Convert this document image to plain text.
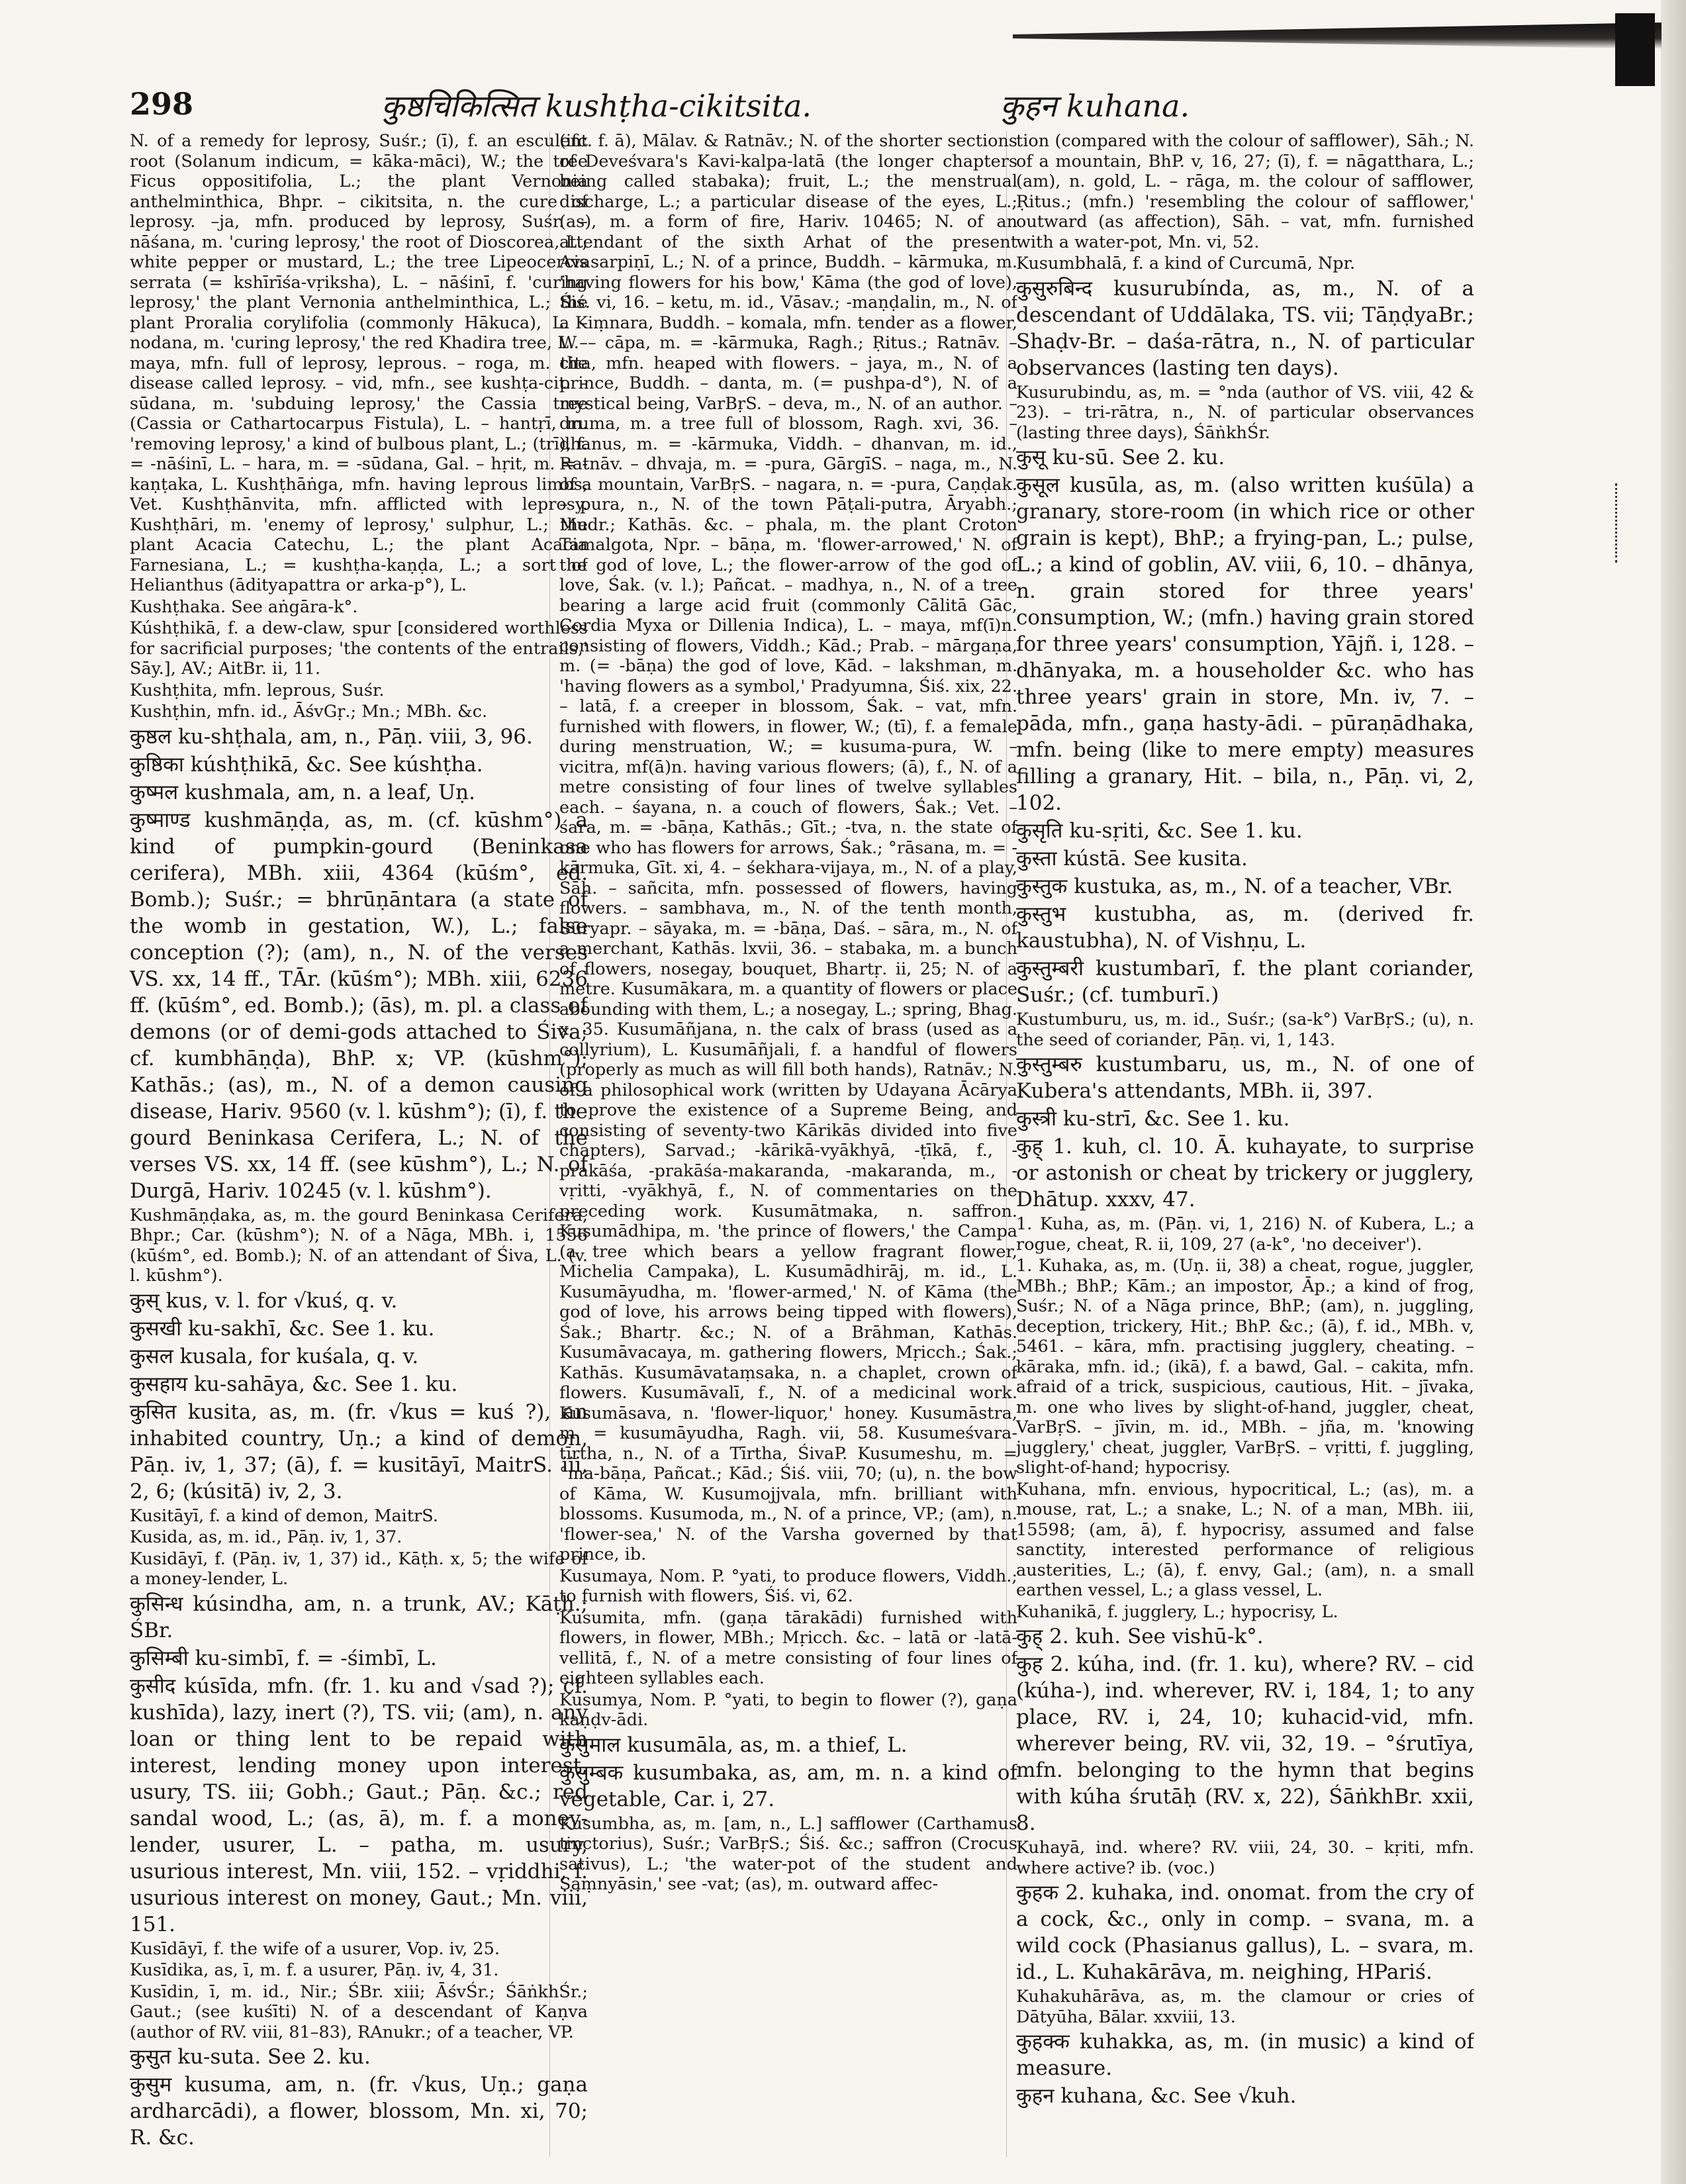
298	कुष्ठचिकित्सित kushṭha-cikitsita.	कुहन kuhana.

N. of a remedy for leprosy, Suśr.; (ī), f. an esculent root (Solanum indicum, = kāka-māci), W.; the tree Ficus oppositifolia, L.; the plant Vernonia anthelminthica, Bhpr. – cikitsita, n. the cure of leprosy. –ja, mfn. produced by leprosy, Suśr. – nāśana, m. 'curing leprosy,' the root of Dioscorea, L.; white pepper or mustard, L.; the tree Lipeocercis serrata (= kshīrīśa-vṛiksha), L. – nāśinī, f. 'curing leprosy,' the plant Vernonia anthelminthica, L.; the plant Proralia corylifolia (commonly Hākuca), L. – nodana, m. 'curing leprosy,' the red Khadira tree, L. – maya, mfn. full of leprosy, leprous. – roga, m. the disease called leprosy. – vid, mfn., see kushṭa-cit. – sūdana, m. 'subduing leprosy,' the Cassia tree (Cassia or Cathartocarpus Fistula), L. – hantṛī, m. 'removing leprosy,' a kind of bulbous plant, L.; (trī), f. = -nāśinī, L. – hara, m. = -sūdana, Gal. – hṛit, m. = -kaṇṭaka, L. Kushṭhāṅga, mfn. having leprous limbs, Vet. Kushṭhānvita, mfn. afflicted with leprosy. Kushṭhāri, m. 'enemy of leprosy,' sulphur, L.; the plant Acacia Catechu, L.; the plant Acacia Farnesiana, L.; = kushṭha-kaṇḍa, L.; a sort of Helianthus (ādityapattra or arka-p°), L.

Kushṭhaka. See aṅgāra-k°.

Kúshṭhikā, f. a dew-claw, spur [considered worthless for sacrificial purposes; 'the contents of the entrails,' Sāy.], AV.; AitBr. ii, 11.

Kushṭhita, mfn. leprous, Suśr.

Kushṭhin, mfn. id., ĀśvGṛ.; Mn.; MBh. &c.

कुष्ठल ku-shṭhala, am, n., Pāṇ. viii, 3, 96.

कुष्ठिका kúshṭhikā, &c. See kúshṭha.

कुष्मल kushmala, am, n. a leaf, Uṇ.

कुष्माण्ड kushmāṇḍa, as, m. (cf. kūshm°) a kind of pumpkin-gourd (Beninkasa cerifera), MBh. xiii, 4364 (kūśm°, ed. Bomb.); Suśr.; = bhrūṇāntara (a state of the womb in gestation, W.), L.; false conception (?); (am), n., N. of the verses VS. xx, 14 ff., TĀr. (kūśm°); MBh. xiii, 6236 ff. (kūśm°, ed. Bomb.); (ās), m. pl. a class of demons (or of demi-gods attached to Śiva; cf. kumbhāṇḍa), BhP. x; VP. (kūshm°); Kathās.; (as), m., N. of a demon causing disease, Hariv. 9560 (v. l. kūshm°); (ī), f. the gourd Beninkasa Cerifera, L.; N. of the verses VS. xx, 14 ff. (see kūshm°), L.; N. of Durgā, Hariv. 10245 (v. l. kūshm°).

Kushmāṇḍaka, as, m. the gourd Beninkasa Cerifera, Bhpr.; Car. (kūshm°); N. of a Nāga, MBh. i, 1556 (kūśm°, ed. Bomb.); N. of an attendant of Śiva, L. (v. l. kūshm°).

कुस् kus, v. l. for √kuś, q. v.

कुसखी ku-sakhī, &c. See 1. ku.

कुसल kusala, for kuśala, q. v.

कुसहाय ku-sahāya, &c. See 1. ku.

कुसित kusita, as, m. (fr. √kus = kuś ?), an inhabited country, Uṇ.; a kind of demon, Pāṇ. iv, 1, 37; (ā), f. = kusitāyī, MaitrS. iii, 2, 6; (kúsitā) iv, 2, 3.

Kusitāyī, f. a kind of demon, MaitrS.

Kusida, as, m. id., Pāṇ. iv, 1, 37.

Kusidāyī, f. (Pāṇ. iv, 1, 37) id., Kāṭh. x, 5; the wife of a money-lender, L.

कुसिन्ध kúsindha, am, n. a trunk, AV.; Kāṭh.; ŚBr.

कुसिम्बी ku-simbī, f. = -śimbī, L.

कुसीद kúsīda, mfn. (fr. 1. ku and √sad ?); cf. kushīda), lazy, inert (?), TS. vii; (am), n. any loan or thing lent to be repaid with interest, lending money upon interest, usury, TS. iii; Gobh.; Gaut.; Pāṇ. &c.; red sandal wood, L.; (as, ā), m. f. a money-lender, usurer, L. – patha, m. usury, usurious interest, Mn. viii, 152. – vṛiddhi, f. usurious interest on money, Gaut.; Mn. viii, 151.

Kusīdāyī, f. the wife of a usurer, Vop. iv, 25.

Kusīdika, as, ī, m. f. a usurer, Pāṇ. iv, 4, 31.

Kusīdin, ī, m. id., Nir.; ŚBr. xiii; ĀśvŚr.; ŚāṅkhŚr.; Gaut.; (see kuśīti) N. of a descendant of Kaṇva (author of RV. viii, 81–83), RAnukr.; of a teacher, VP.

कुसुत ku-suta. See 2. ku.

कुसुम kusuma, am, n. (fr. √kus, Uṇ.; gaṇa ardharcādi), a flower, blossom, Mn. xi, 70; R. &c.

(ifc. f. ā), Mālav. & Ratnāv.; N. of the shorter sections of Deveśvara's Kavi-kalpa-latā (the longer chapters being called stabaka); fruit, L.; the menstrual discharge, L.; a particular disease of the eyes, L.; (as), m. a form of fire, Hariv. 10465; N. of an attendant of the sixth Arhat of the present Avasarpiṇī, L.; N. of a prince, Buddh. – kārmuka, m. 'having flowers for his bow,' Kāma (the god of love), Śiś. vi, 16. – ketu, m. id., Vāsav.; -maṇḍalin, m., N. of a Kiṃnara, Buddh. – komala, mfn. tender as a flower, W. – cāpa, m. = -kārmuka, Ragh.; Ṛitus.; Ratnāv. – cita, mfn. heaped with flowers. – jaya, m., N. of a prince, Buddh. – danta, m. (= pushpa-d°), N. of a mystical being, VarBṛS. – deva, m., N. of an author. – druma, m. a tree full of blossom, Ragh. xvi, 36. – dhanus, m. = -kārmuka, Viddh. – dhanvan, m. id., Ratnāv. – dhvaja, m. = -pura, GārgīS. – naga, m., N. of a mountain, VarBṛS. – nagara, n. = -pura, Caṇḍak. – pura, n., N. of the town Pāṭali-putra, Āryabh.; Mudr.; Kathās. &c. – phala, m. the plant Croton Tamalgota, Npr. – bāṇa, m. 'flower-arrowed,' N. of the god of love, L.; the flower-arrow of the god of love, Śak. (v. l.); Pañcat. – madhya, n., N. of a tree bearing a large acid fruit (commonly Cālitā Gāc, Cordia Myxa or Dillenia Indica), L. – maya, mf(ī)n. consisting of flowers, Viddh.; Kād.; Prab. – mārgaṇa, m. (= -bāṇa) the god of love, Kād. – lakshman, m. 'having flowers as a symbol,' Pradyumna, Śiś. xix, 22. – latā, f. a creeper in blossom, Śak. – vat, mfn. furnished with flowers, in flower, W.; (tī), f. a female during menstruation, W.; = kusuma-pura, W. – vicitra, mf(ā)n. having various flowers; (ā), f., N. of a metre consisting of four lines of twelve syllables each. – śayana, n. a couch of flowers, Śak.; Vet. – śara, m. = -bāṇa, Kathās.; Gīt.; -tva, n. the state of one who has flowers for arrows, Śak.; °rāsana, m. = -kārmuka, Gīt. xi, 4. – śekhara-vijaya, m., N. of a play, Sāh. – sañcita, mfn. possessed of flowers, having flowers. – sambhava, m., N. of the tenth month, Sūryapr. – sāyaka, m. = -bāṇa, Daś. – sāra, m., N. of a merchant, Kathās. lxvii, 36. – stabaka, m. a bunch of flowers, nosegay, bouquet, Bhartṛ. ii, 25; N. of a metre. Kusumākara, m. a quantity of flowers or place abounding with them, L.; a nosegay, L.; spring, Bhag. x, 35. Kusumāñjana, n. the calx of brass (used as a collyrium), L. Kusumāñjali, f. a handful of flowers (properly as much as will fill both hands), Ratnāv.; N. of a philosophical work (written by Udayana Ācārya to prove the existence of a Supreme Being, and consisting of seventy-two Kārikās divided into five chapters), Sarvad.; -kārikā-vyākhyā, -ṭīkā, f., -prakāśa, -prakāśa-makaranda, -makaranda, m., -vṛitti, -vyākhyā, f., N. of commentaries on the preceding work. Kusumātmaka, n. saffron. Kusumādhipa, m. 'the prince of flowers,' the Campa (a tree which bears a yellow fragrant flower, Michelia Campaka), L. Kusumādhirāj, m. id., L. Kusumāyudha, m. 'flower-armed,' N. of Kāma (the god of love, his arrows being tipped with flowers), Śak.; Bhartṛ. &c.; N. of a Brāhman, Kathās. Kusumāvacaya, m. gathering flowers, Mṛicch.; Śak.; Kathās. Kusumāvataṃsaka, n. a chaplet, crown of flowers. Kusumāvalī, f., N. of a medicinal work. Kusumāsava, n. 'flower-liquor,' honey. Kusumāstra, m. = kusumāyudha, Ragh. vii, 58. Kusumeśvara-tīrtha, n., N. of a Tīrtha, ŚivaP. Kusumeshu, m. = °ma-bāṇa, Pañcat.; Kād.; Śiś. viii, 70; (u), n. the bow of Kāma, W. Kusumojjvala, mfn. brilliant with blossoms. Kusumoda, m., N. of a prince, VP.; (am), n. 'flower-sea,' N. of the Varsha governed by that prince, ib.

Kusumaya, Nom. P. °yati, to produce flowers, Viddh.; to furnish with flowers, Śiś. vi, 62.

Kusumita, mfn. (gaṇa tārakādi) furnished with flowers, in flower, MBh.; Mṛicch. &c. – latā or -latā-vellitā, f., N. of a metre consisting of four lines of eighteen syllables each.

Kusumya, Nom. P. °yati, to begin to flower (?), gaṇa kaṇḍv-ādi.

कुसुमाल kusumāla, as, m. a thief, L.

कुसुम्बक kusumbaka, as, am, m. n. a kind of vegetable, Car. i, 27.

Kusumbha, as, m. [am, n., L.] safflower (Carthamus tinctorius), Suśr.; VarBṛS.; Śiś. &c.; saffron (Crocus sativus), L.; 'the water-pot of the student and Saṃnyāsin,' see -vat; (as), m. outward affec-

tion (compared with the colour of safflower), Sāh.; N. of a mountain, BhP. v, 16, 27; (ī), f. = nāgatthara, L.; (am), n. gold, L. – rāga, m. the colour of safflower, Ṛitus.; (mfn.) 'resembling the colour of safflower,' outward (as affection), Sāh. – vat, mfn. furnished with a water-pot, Mn. vi, 52.

Kusumbhalā, f. a kind of Curcumā, Npr.

कुसुरुबिन्द kusurubínda, as, m., N. of a descendant of Uddālaka, TS. vii; TāṇḍyaBr.; Shaḍv-Br. – daśa-rātra, n., N. of particular observances (lasting ten days).

Kusurubindu, as, m. = °nda (author of VS. viii, 42 & 23). – tri-rātra, n., N. of particular observances (lasting three days), ŚāṅkhŚr.

कुसू ku-sū. See 2. ku.

कुसूल kusūla, as, m. (also written kuśūla) a granary, store-room (in which rice or other grain is kept), BhP.; a frying-pan, L.; pulse, L.; a kind of goblin, AV. viii, 6, 10. – dhānya, n. grain stored for three years' consumption, W.; (mfn.) having grain stored for three years' consumption, Yājñ. i, 128. – dhānyaka, m. a householder &c. who has three years' grain in store, Mn. iv, 7. – pāda, mfn., gaṇa hasty-ādi. – pūraṇādhaka, mfn. being (like to mere empty) measures filling a granary, Hit. – bila, n., Pāṇ. vi, 2, 102.

कुसृति ku-sṛiti, &c. See 1. ku.

कुस्ता kústā. See kusita.

कुस्तुक kustuka, as, m., N. of a teacher, VBr.

कुस्तुभ kustubha, as, m. (derived fr. kaustubha), N. of Vishṇu, L.

कुस्तुम्बरी kustumbarī, f. the plant coriander, Suśr.; (cf. tumburī.)

Kustumburu, us, m. id., Suśr.; (sa-k°) VarBṛS.; (u), n. the seed of coriander, Pāṇ. vi, 1, 143.

कुस्तुम्बरु kustumbaru, us, m., N. of one of Kubera's attendants, MBh. ii, 397.

कुस्त्री ku-strī, &c. See 1. ku.

कुह् 1. kuh, cl. 10. Ā. kuhayate, to surprise or astonish or cheat by trickery or jugglery, Dhātup. xxxv, 47.

1. Kuha, as, m. (Pāṇ. vi, 1, 216) N. of Kubera, L.; a rogue, cheat, R. ii, 109, 27 (a-k°, 'no deceiver').

1. Kuhaka, as, m. (Uṇ. ii, 38) a cheat, rogue, juggler, MBh.; BhP.; Kām.; an impostor, Āp.; a kind of frog, Suśr.; N. of a Nāga prince, BhP.; (am), n. juggling, deception, trickery, Hit.; BhP. &c.; (ā), f. id., MBh. v, 5461. – kāra, mfn. practising jugglery, cheating. – kāraka, mfn. id.; (ikā), f. a bawd, Gal. – cakita, mfn. afraid of a trick, suspicious, cautious, Hit. – jīvaka, m. one who lives by slight-of-hand, juggler, cheat, VarBṛS. – jīvin, m. id., MBh. – jña, m. 'knowing jugglery,' cheat, juggler, VarBṛS. – vṛitti, f. juggling, slight-of-hand; hypocrisy.

Kuhana, mfn. envious, hypocritical, L.; (as), m. a mouse, rat, L.; a snake, L.; N. of a man, MBh. iii, 15598; (am, ā), f. hypocrisy, assumed and false sanctity, interested performance of religious austerities, L.; (ā), f. envy, Gal.; (am), n. a small earthen vessel, L.; a glass vessel, L.

Kuhanikā, f. jugglery, L.; hypocrisy, L.

कुह् 2. kuh. See vishū-k°.

कुह 2. kúha, ind. (fr. 1. ku), where? RV. – cid (kúha-), ind. wherever, RV. i, 184, 1; to any place, RV. i, 24, 10; kuhacid-vid, mfn. wherever being, RV. vii, 32, 19. – °śrutīya, mfn. belonging to the hymn that begins with kúha śrutāḥ (RV. x, 22), ŚāṅkhBr. xxii, 8.

Kuhayā, ind. where? RV. viii, 24, 30. – kṛiti, mfn. where active? ib. (voc.)

कुहक 2. kuhaka, ind. onomat. from the cry of a cock, &c., only in comp. – svana, m. a wild cock (Phasianus gallus), L. – svara, m. id., L. Kuhakārāva, m. neighing, HPariś.

Kuhakuhārāva, as, m. the clamour or cries of Dātyūha, Bālar. xxviii, 13.

कुहक्क kuhakka, as, m. (in music) a kind of measure.

कुहन kuhana, &c. See √kuh.
